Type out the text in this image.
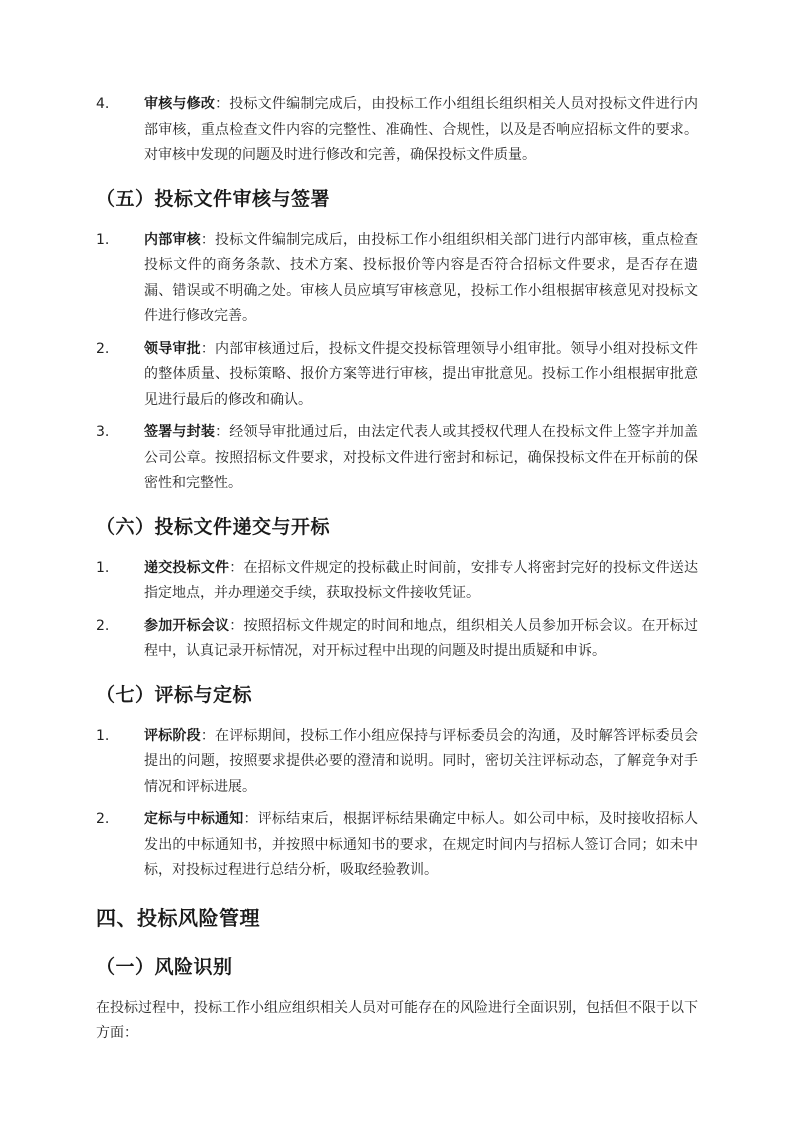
4.	审核与修改：投标文件编制完成后，由投标工作小组组长组织相关人员对投标文件进行内部审核，重点检查文件内容的完整性、准确性、合规性，以及是否响应招标文件的要求。对审核中发现的问题及时进行修改和完善，确保投标文件质量。
（五）投标文件审核与签署
1.	内部审核：投标文件编制完成后，由投标工作小组组织相关部门进行内部审核，重点检查投标文件的商务条款、技术方案、投标报价等内容是否符合招标文件要求，是否存在遗漏、错误或不明确之处。审核人员应填写审核意见，投标工作小组根据审核意见对投标文件进行修改完善。
2.	领导审批：内部审核通过后，投标文件提交投标管理领导小组审批。领导小组对投标文件的整体质量、投标策略、报价方案等进行审核，提出审批意见。投标工作小组根据审批意见进行最后的修改和确认。
3.	签署与封装：经领导审批通过后，由法定代表人或其授权代理人在投标文件上签字并加盖公司公章。按照招标文件要求，对投标文件进行密封和标记，确保投标文件在开标前的保密性和完整性。
（六）投标文件递交与开标
1.	递交投标文件：在招标文件规定的投标截止时间前，安排专人将密封完好的投标文件送达指定地点，并办理递交手续，获取投标文件接收凭证。
2.	参加开标会议：按照招标文件规定的时间和地点，组织相关人员参加开标会议。在开标过程中，认真记录开标情况，对开标过程中出现的问题及时提出质疑和申诉。
（七）评标与定标
1.	评标阶段：在评标期间，投标工作小组应保持与评标委员会的沟通，及时解答评标委员会提出的问题，按照要求提供必要的澄清和说明。同时，密切关注评标动态，了解竞争对手情况和评标进展。
2.	定标与中标通知：评标结束后，根据评标结果确定中标人。如公司中标，及时接收招标人发出的中标通知书，并按照中标通知书的要求，在规定时间内与招标人签订合同；如未中标，对投标过程进行总结分析，吸取经验教训。
四、投标风险管理
（一）风险识别

在投标过程中，投标工作小组应组织相关人员对可能存在的风险进行全面识别，包括但不限于以下方面：
